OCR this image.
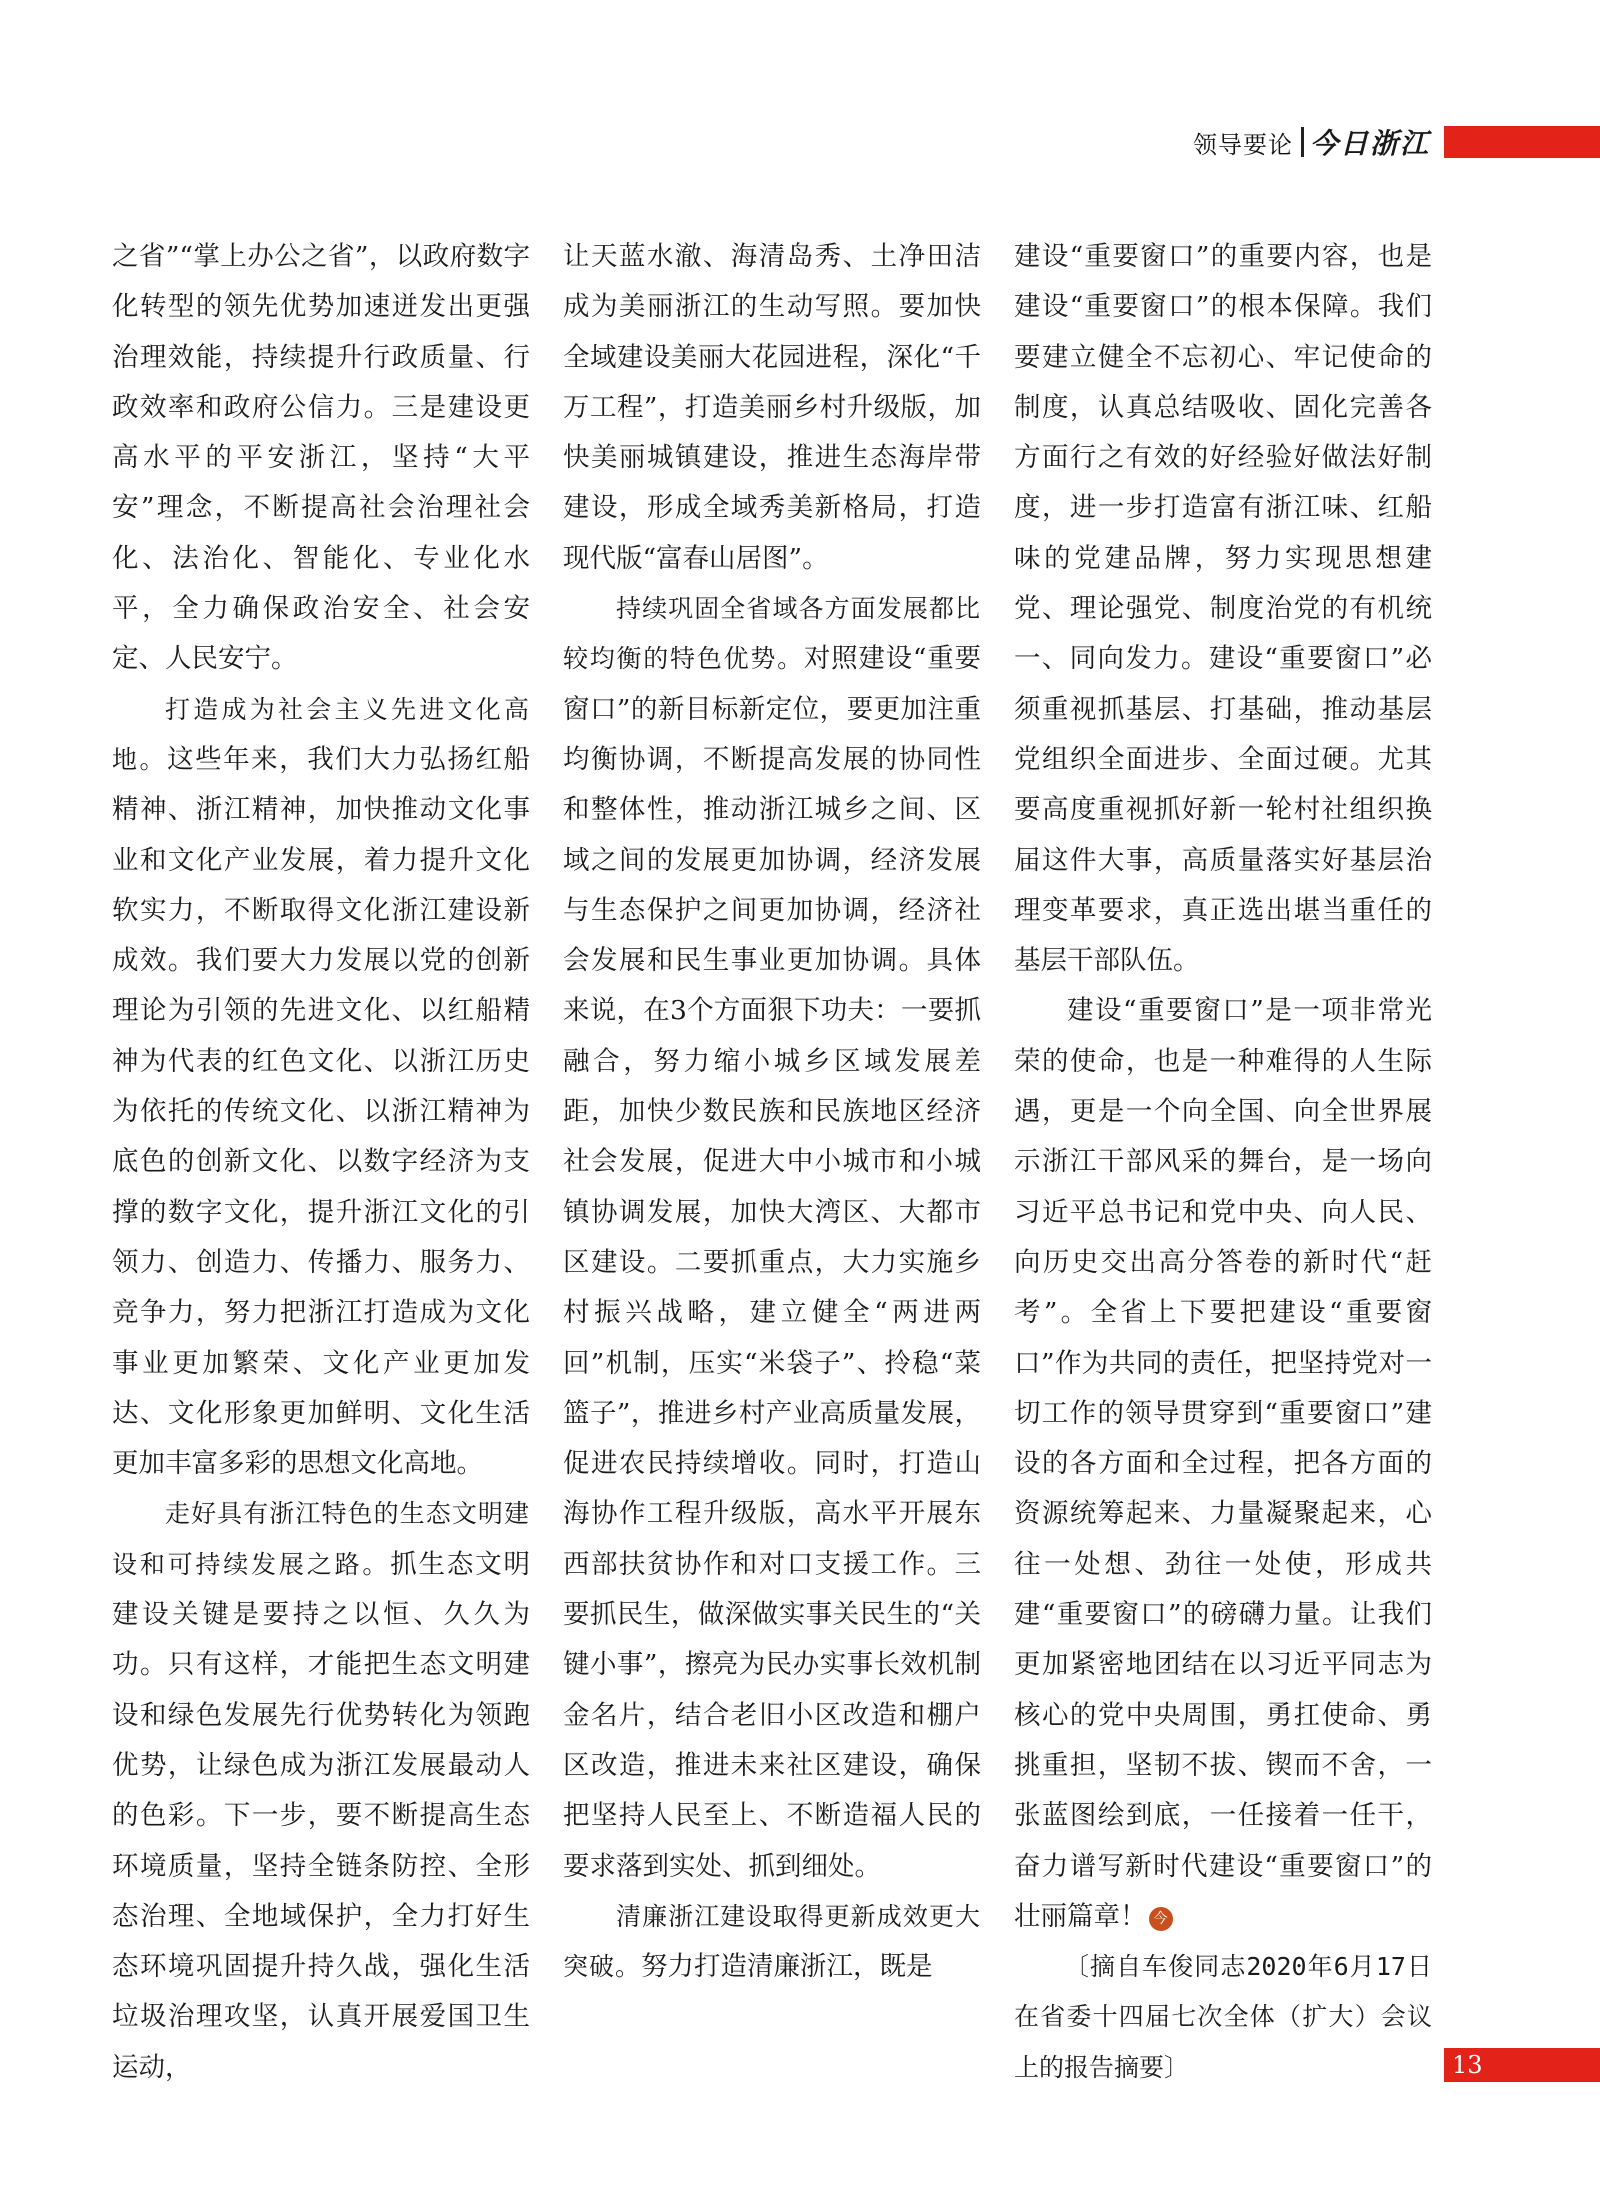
领导要论 今日浙江

之省”“掌上办公之省”，以政府数字化转型的领先优势加速迸发出更强治理效能，持续提升行政质量、行政效率和政府公信力。三是建设更高水平的平安浙江，坚持“大平安”理念，不断提高社会治理社会化、法治化、智能化、专业化水平，全力确保政治安全、社会安定、人民安宁。

打造成为社会主义先进文化高地。这些年来，我们大力弘扬红船精神、浙江精神，加快推动文化事业和文化产业发展，着力提升文化软实力，不断取得文化浙江建设新成效。我们要大力发展以党的创新理论为引领的先进文化、以红船精神为代表的红色文化、以浙江历史为依托的传统文化、以浙江精神为底色的创新文化、以数字经济为支撑的数字文化，提升浙江文化的引领力、创造力、传播力、服务力、竞争力，努力把浙江打造成为文化事业更加繁荣、文化产业更加发达、文化形象更加鲜明、文化生活更加丰富多彩的思想文化高地。

走好具有浙江特色的生态文明建设和可持续发展之路。抓生态文明建设关键是要持之以恒、久久为功。只有这样，才能把生态文明建设和绿色发展先行优势转化为领跑优势，让绿色成为浙江发展最动人的色彩。下一步，要不断提高生态环境质量，坚持全链条防控、全形态治理、全地域保护，全力打好生态环境巩固提升持久战，强化生活垃圾治理攻坚，认真开展爱国卫生运动，

让天蓝水澈、海清岛秀、土净田洁成为美丽浙江的生动写照。要加快全域建设美丽大花园进程，深化“千万工程”，打造美丽乡村升级版，加快美丽城镇建设，推进生态海岸带建设，形成全域秀美新格局，打造现代版“富春山居图”。

持续巩固全省域各方面发展都比较均衡的特色优势。对照建设“重要窗口”的新目标新定位，要更加注重均衡协调，不断提高发展的协同性和整体性，推动浙江城乡之间、区域之间的发展更加协调，经济发展与生态保护之间更加协调，经济社会发展和民生事业更加协调。具体来说，在3个方面狠下功夫：一要抓融合，努力缩小城乡区域发展差距，加快少数民族和民族地区经济社会发展，促进大中小城市和小城镇协调发展，加快大湾区、大都市区建设。二要抓重点，大力实施乡村振兴战略，建立健全“两进两回”机制，压实“米袋子”、拎稳“菜篮子”，推进乡村产业高质量发展，促进农民持续增收。同时，打造山海协作工程升级版，高水平开展东西部扶贫协作和对口支援工作。三要抓民生，做深做实事关民生的“关键小事”，擦亮为民办实事长效机制金名片，结合老旧小区改造和棚户区改造，推进未来社区建设，确保把坚持人民至上、不断造福人民的要求落到实处、抓到细处。

清廉浙江建设取得更新成效更大突破。努力打造清廉浙江，既是

建设“重要窗口”的重要内容，也是建设“重要窗口”的根本保障。我们要建立健全不忘初心、牢记使命的制度，认真总结吸收、固化完善各方面行之有效的好经验好做法好制度，进一步打造富有浙江味、红船味的党建品牌，努力实现思想建党、理论强党、制度治党的有机统一、同向发力。建设“重要窗口”必须重视抓基层、打基础，推动基层党组织全面进步、全面过硬。尤其要高度重视抓好新一轮村社组织换届这件大事，高质量落实好基层治理变革要求，真正选出堪当重任的基层干部队伍。

建设“重要窗口”是一项非常光荣的使命，也是一种难得的人生际遇，更是一个向全国、向全世界展示浙江干部风采的舞台，是一场向习近平总书记和党中央、向人民、向历史交出高分答卷的新时代“赶考”。全省上下要把建设“重要窗口”作为共同的责任，把坚持党对一切工作的领导贯穿到“重要窗口”建设的各方面和全过程，把各方面的资源统筹起来、力量凝聚起来，心往一处想、劲往一处使，形成共建“重要窗口”的磅礴力量。让我们更加紧密地团结在以习近平同志为核心的党中央周围，勇扛使命、勇挑重担，坚韧不拔、锲而不舍，一张蓝图绘到底，一任接着一任干，奋力谱写新时代建设“重要窗口”的壮丽篇章！ 今

〔摘自车俊同志2020年6月17日在省委十四届七次全体（扩大）会议上的报告摘要〕	13
